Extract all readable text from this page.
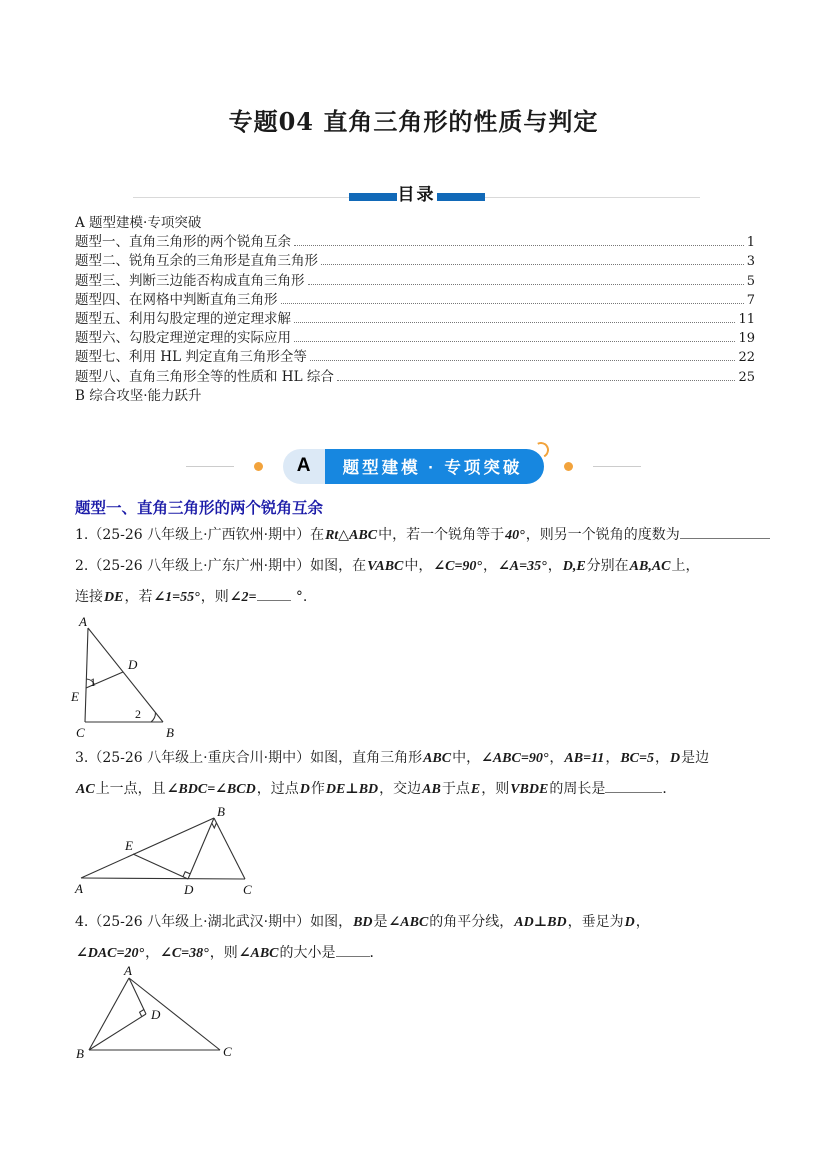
专题04 直角三角形的性质与判定
目录
A 题型建模·专项突破
题型一、直角三角形的两个锐角互余	1
题型二、锐角互余的三角形是直角三角形	3
题型三、判断三边能否构成直角三角形	5
题型四、在网格中判断直角三角形	7
题型五、利用勾股定理的逆定理求解	11
题型六、勾股定理逆定理的实际应用	19
题型七、利用 HL 判定直角三角形全等	22
题型八、直角三角形全等的性质和 HL 综合	25
B 综合攻坚·能力跃升
A	题型建模 · 专项突破
题型一、直角三角形的两个锐角互余
1.（25-26 八年级上·广西钦州·期中）在Rt△ABC中，若一个锐角等于40°，则另一个锐角的度数为
2.（25-26 八年级上·广东广州·期中）如图，在VABC中，∠C=90°，∠A=35°，D,E分别在AB,AC上，
连接DE，若∠1=55°，则∠2=	°.
A
D
E
C	B
1
2
3.（25-26 八年级上·重庆合川·期中）如图，直角三角形ABC中，∠ABC=90°，AB=11，BC=5，D是边
AC上一点，且∠BDC=∠BCD，过点D作DE⊥BD，交边AB于点E，则VBDE的周长是	．
A
B
C
D
E
4.（25-26 八年级上·湖北武汉·期中）如图，BD是∠ABC的角平分线，AD⊥BD，垂足为D，
∠DAC=20°，∠C=38°，则∠ABC的大小是 ．
A
B	C
D
